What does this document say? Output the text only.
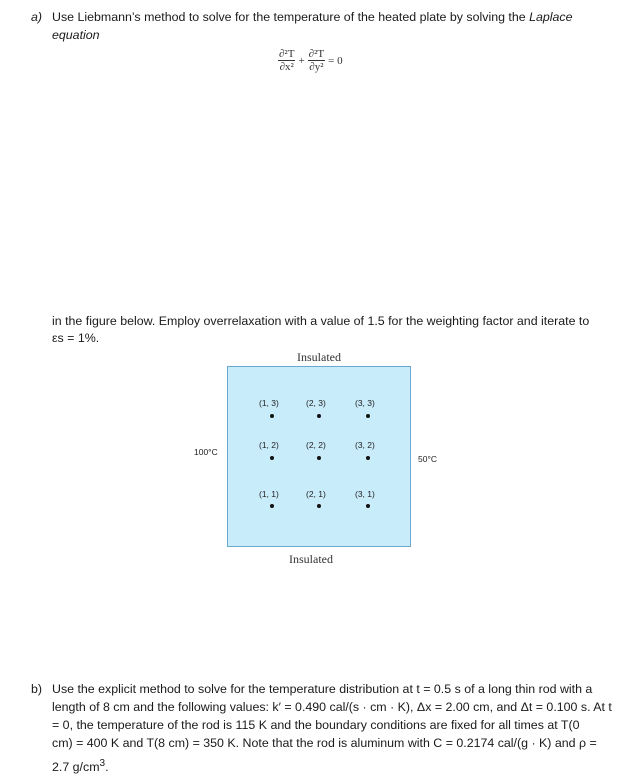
a) Use Liebmann’s method to solve for the temperature of the heated plate by solving the Laplace
equation
$\frac{\text{∂²T}}{\text{∂x²}} + \frac{\text{∂²T}}{\text{∂y²}} = 0$
in the figure below. Employ overrelaxation with a value of 1.5 for the weighting factor and iterate to
εs = 1%.
Insulated
Insulated
100°C
50°C
(1, 3)	(2, 3)	(3, 3)
(1, 2)	(2, 2)	(3, 2)
(1, 1)	(2, 1)	(3, 1)
b) Use the explicit method to solve for the temperature distribution at t = 0.5 s of a long thin rod with a
length of 8 cm and the following values: k′ = 0.490 cal/(s · cm · K), Δx = 2.00 cm, and Δt = 0.100 s. At t
= 0, the temperature of the rod is 115 K and the boundary conditions are fixed for all times at T(0
cm) = 400 K and T(8 cm) = 350 K. Note that the rod is aluminum with C = 0.2174 cal/(g · K) and ρ =
2.7 $g/cm^3$.
